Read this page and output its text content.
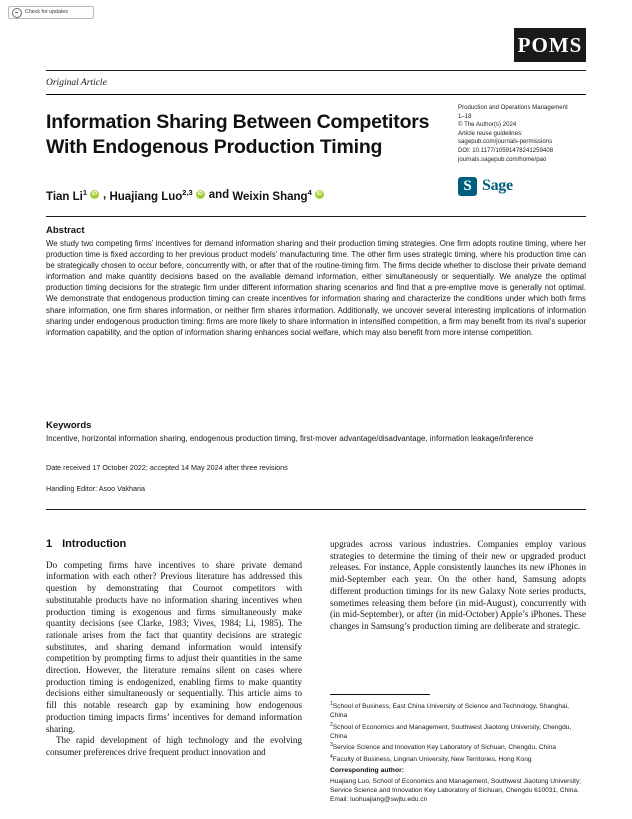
Check for updates
POMS
Original Article
Information Sharing Between Competitors With Endogenous Production Timing
Tian Li$^1$ iD , Huajiang Luo$^{2,3}$ iD and Weixin Shang$^4$
iD
Production and Operations Management
1–18
© The Author(s) 2024
Article reuse guidelines:
sagepub.com/journals-permissions
DOI: 10.1177/10591478241259408
journals.sagepub.com/home/pao
S Sage
Abstract
We study two competing firms’ incentives for demand information sharing and their production timing strategies. One firm adopts routine timing, where her production time is fixed according to her previous product models’ manufacturing time. The other firm uses strategic timing, where his production time can be strategically chosen to occur before, concurrently with, or after that of the routine-timing firm. The firms decide whether to disclose their private demand information and make quantity decisions based on the available demand information, either simultaneously or sequentially. We analyze the optimal production timing decisions for the strategic firm under different information sharing scenarios and find that a pre-emptive move is generally not optimal. We demonstrate that endogenous production timing can create incentives for information sharing and characterize the conditions under which both firms share information, one firm shares information, or neither firm shares information. Additionally, we uncover several interesting implications of information sharing under endogenous production timing: firms are more likely to share information in intensified competition, a firm may benefit from its rival’s superior information capability, and the option of information sharing enhances social welfare, which may also benefit from more intense competition.
Keywords
Incentive, horizontal information sharing, endogenous production timing, first-mover advantage/disadvantage, information leakage/inference
Date received 17 October 2022; accepted 14 May 2024 after three revisions
Handling Editor: Asoo Vakharia
1 Introduction

Do competing firms have incentives to share private demand information with each other? Previous literature has addressed this question by demonstrating that Cournot competitors with substitutable products have no information sharing incentives when production timing is exogenous and firms simultaneously make quantity decisions (see Clarke, 1983; Vives, 1984; Li, 1985). The rationale arises from the fact that quantity decisions are strategic substitutes, and sharing demand information would intensify competition by prompting firms to adjust their quantities in the same direction. However, the literature remains silent on cases where production timing is endogenized, enabling firms to make quantity decisions either simultaneously or sequentially. This article aims to fill this notable research gap by examining how endogenous production timing impacts firms’ incentives for demand information sharing.

The rapid development of high technology and the evolving consumer preferences drive frequent product innovation and

upgrades across various industries. Companies employ various strategies to determine the timing of their new or upgraded product releases. For instance, Apple consistently launches its new iPhones in mid-September each year. On the other hand, Samsung adopts different production timings for its new Galaxy Note series products, sometimes releasing them before (in mid-August), concurrently with (in mid-September), or after (in mid-October) Apple’s iPhones. These changes in Samsung’s production timing are deliberate and strategic.

$^1$School of Business, East China University of Science and Technology, Shanghai, China
$^2$School of Economics and Management, Southwest Jiaotong University, Chengdu, China
$^3$Service Science and Innovation Key Laboratory of Sichuan, Chengdu, China
$^4$Faculty of Business, Lingnan University, New Territories, Hong Kong
Corresponding author:
Huajiang Luo, School of Economics and Management, Southwest Jiaotong University; Service Science and Innovation Key Laboratory of Sichuan, Chengdu 610031, China.
Email: luohuajiang@swjtu.edu.cn
